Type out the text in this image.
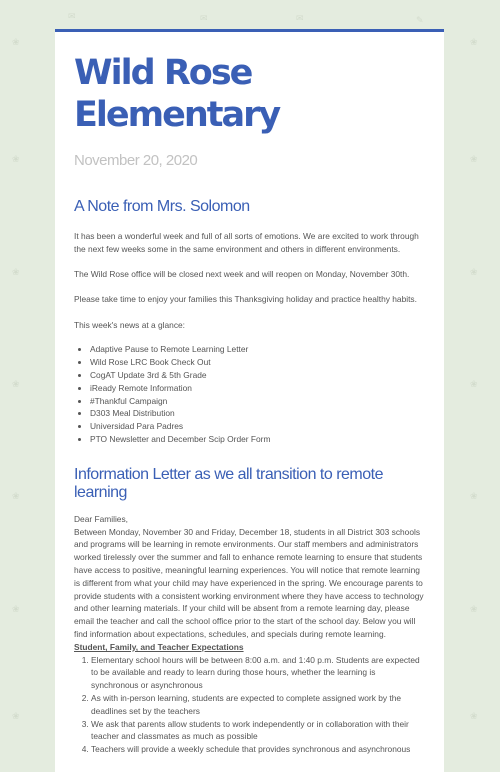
❀
✉	✉	✉	✎
❀
❀	❀
❀	❀
❀	❀
❀	❀
❀	❀
❀	❀
Wild Rose Elementary
November 20, 2020
A Note from Mrs. Solomon

It has been a wonderful week and full of all sorts of emotions. We are excited to work through the next few weeks some in the same environment and others in different environments.

The Wild Rose office will be closed next week and will reopen on Monday, November 30th.

Please take time to enjoy your families this Thanksgiving holiday and practice healthy habits.

This week's news at a glance:

• Adaptive Pause to Remote Learning Letter
• Wild Rose LRC Book Check Out
• CogAT Update 3rd & 5th Grade
• iReady Remote Information
• #Thankful Campaign
• D303 Meal Distribution
• Universidad Para Padres
• PTO Newsletter and December Scip Order Form
Information Letter as we all transition to remote learning

Dear Families,

Between Monday, November 30 and Friday, December 18, students in all District 303 schools and programs will be learning in remote environments. Our staff members and administrators worked tirelessly over the summer and fall to enhance remote learning to ensure that students have access to positive, meaningful learning experiences. You will notice that remote learning is different from what your child may have experienced in the spring. We encourage parents to provide students with a consistent working environment where they have access to technology and other learning materials. If your child will be absent from a remote learning day, please email the teacher and call the school office prior to the start of the school day. Below you will find information about expectations, schedules, and specials during remote learning.

Student, Family, and Teacher Expectations

1. Elementary school hours will be between 8:00 a.m. and 1:40 p.m. Students are expected to be available and ready to learn during those hours, whether the learning is synchronous or asynchronous
2. As with in-person learning, students are expected to complete assigned work by the deadlines set by the teachers
3. We ask that parents allow students to work independently or in collaboration with their teacher and classmates as much as possible
4. Teachers will provide a weekly schedule that provides synchronous and asynchronous
